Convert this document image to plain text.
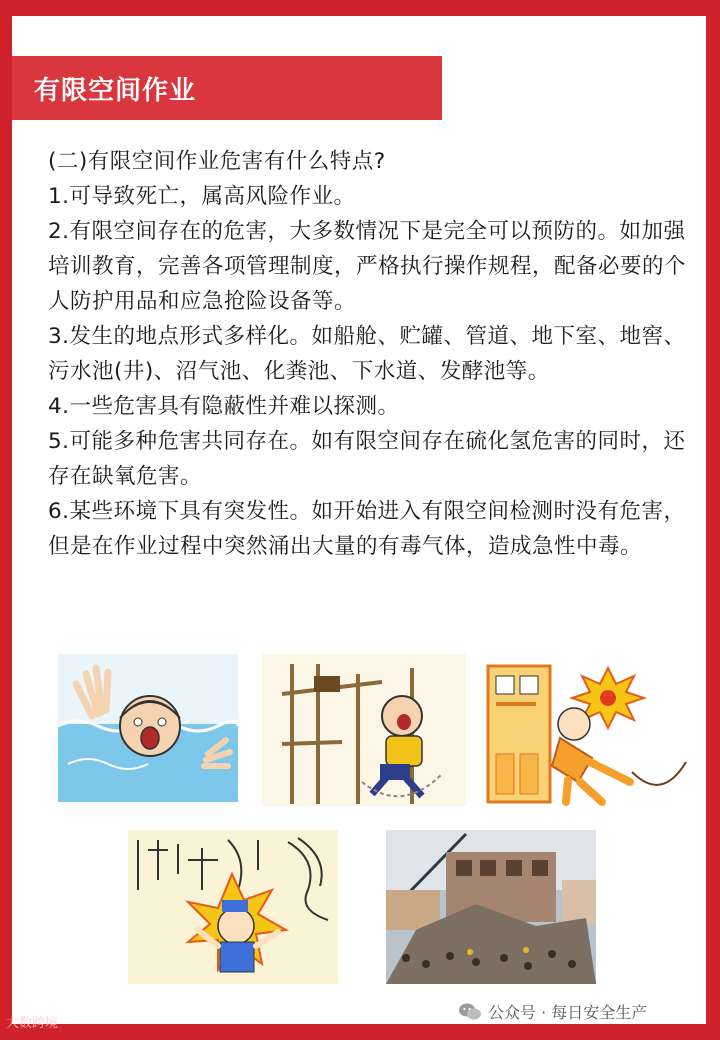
有限空间作业

(二)有限空间作业危害有什么特点?

1.可导致死亡，属高风险作业。

2.有限空间存在的危害，大多数情况下是完全可以预防的。如加强培训教育，完善各项管理制度，严格执行操作规程，配备必要的个人防护用品和应急抢险设备等。

3.发生的地点形式多样化。如船舱、贮罐、管道、地下室、地窖、污水池(井)、沼气池、化粪池、下水道、发酵池等。

4.一些危害具有隐蔽性并难以探测。

5.可能多种危害共同存在。如有限空间存在硫化氢危害的同时，还存在缺氧危害。

6.某些环境下具有突发性。如开始进入有限空间检测时没有危害，但是在作业过程中突然涌出大量的有毒气体，造成急性中毒。

大数跨境
公众号 · 每日安全生产
